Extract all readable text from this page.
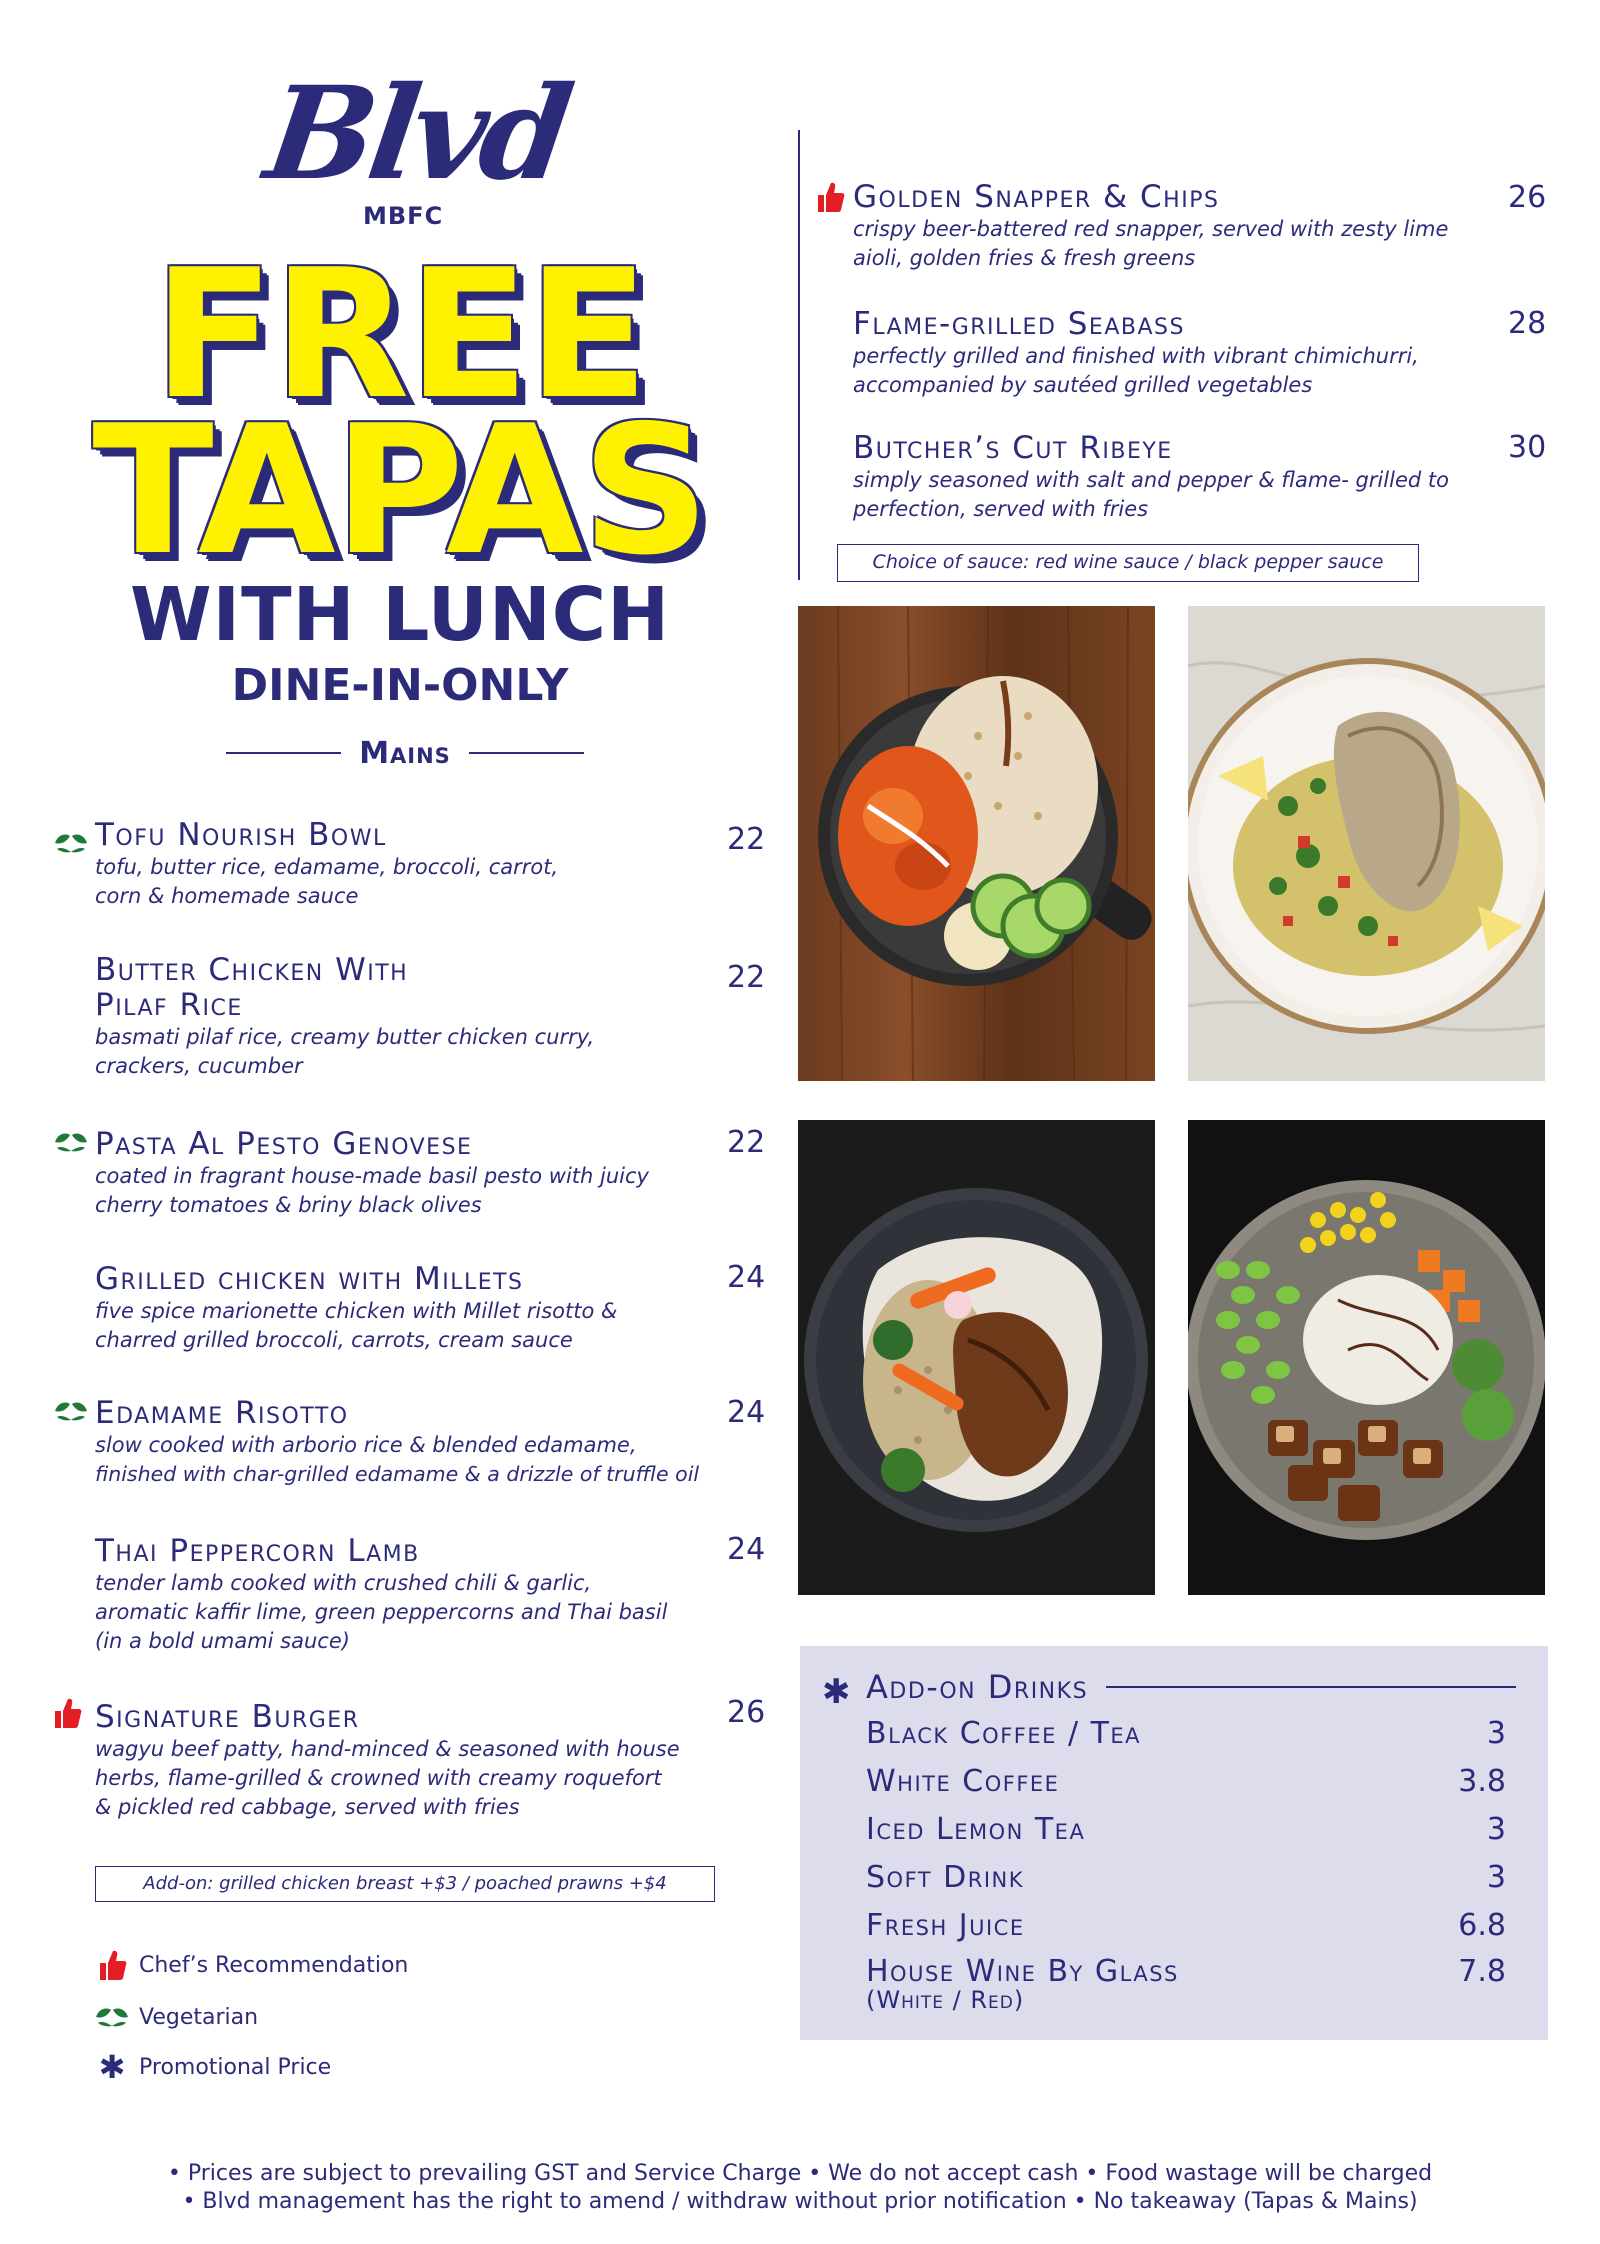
Blvd
MBFC
FREE
TAPAS
WITH LUNCH
DINE-IN-ONLY
Mains
Tofu Nourish Bowl
tofu, butter rice, edamame, broccoli, carrot,
corn & homemade sauce
22
Butter Chicken With
Pilaf Rice
basmati pilaf rice, creamy butter chicken curry,
crackers, cucumber
22
Pasta Al Pesto Genovese
coated in fragrant house-made basil pesto with juicy
cherry tomatoes & briny black olives
22
Grilled chicken with Millets
five spice marionette chicken with Millet risotto &
charred grilled broccoli, carrots, cream sauce
24
Edamame Risotto
slow cooked with arborio rice & blended edamame,
finished with char-grilled edamame & a drizzle of truffle oil
24
Thai Peppercorn Lamb
tender lamb cooked with crushed chili & garlic,
aromatic kaffir lime, green peppercorns and Thai basil
(in a bold umami sauce)
24
Signature Burger
wagyu beef patty, hand-minced & seasoned with house
herbs, flame-grilled & crowned with creamy roquefort
& pickled red cabbage, served with fries
26
Add-on: grilled chicken breast +$3 / poached prawns +$4
Chef’s Recommendation
Vegetarian
✱ Promotional Price
Golden Snapper & Chips
crispy beer-battered red snapper, served with zesty lime
aioli, golden fries & fresh greens
26
Flame-grilled Seabass
perfectly grilled and finished with vibrant chimichurri,
accompanied by sautéed grilled vegetables
28
Butcher’s Cut Ribeye
simply seasoned with salt and pepper & flame- grilled to
perfection, served with fries
30
Choice of sauce: red wine sauce / black pepper sauce
✱ Add-on Drinks
Black Coffee / Tea	3
White Coffee	3.8
Iced Lemon Tea	3
Soft Drink	3
Fresh Juice	6.8
House Wine By Glass	7.8
(White / Red)
• Prices are subject to prevailing GST and Service Charge • We do not accept cash • Food wastage will be charged
• Blvd management has the right to amend / withdraw without prior notification • No takeaway (Tapas & Mains)
